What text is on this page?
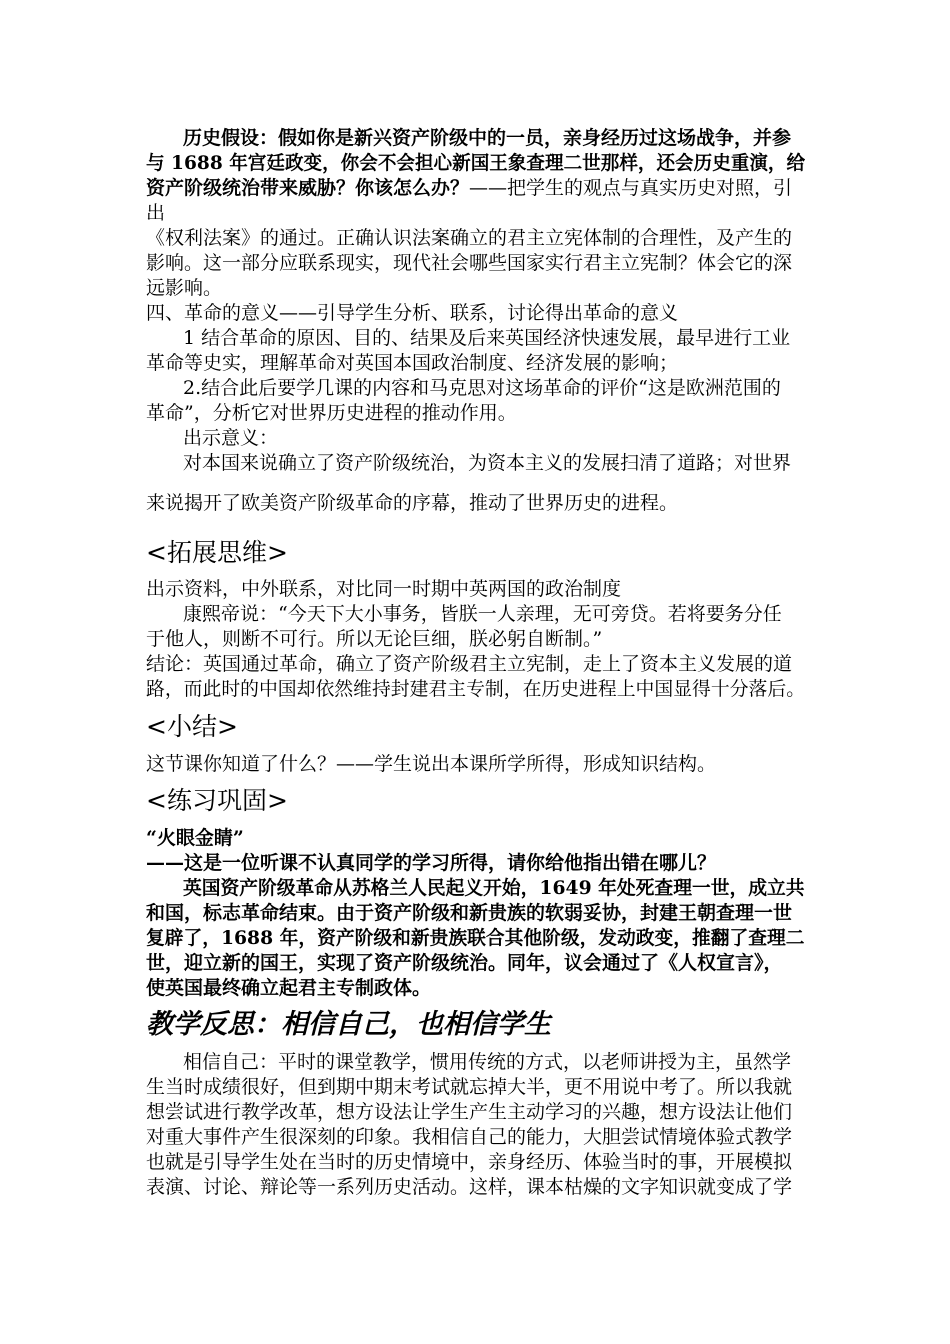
历史假设：假如你是新兴资产阶级中的一员，亲身经历过这场战争，并参
与 1688 年宫廷政变，你会不会担心新国王象查理二世那样，还会历史重演，给
资产阶级统治带来威胁？你该怎么办？——把学生的观点与真实历史对照，引
出
《权利法案》的通过。正确认识法案确立的君主立宪体制的合理性，及产生的
影响。这一部分应联系现实，现代社会哪些国家实行君主立宪制？体会它的深
远影响。
四、革命的意义——引导学生分析、联系，讨论得出革命的意义
1 结合革命的原因、目的、结果及后来英国经济快速发展，最早进行工业
革命等史实，理解革命对英国本国政治制度、经济发展的影响；
2.结合此后要学几课的内容和马克思对这场革命的评价“这是欧洲范围的
革命”，分析它对世界历史进程的推动作用。
出示意义：
对本国来说确立了资产阶级统治，为资本主义的发展扫清了道路；对世界
来说揭开了欧美资产阶级革命的序幕，推动了世界历史的进程。
<拓展思维>
出示资料，中外联系，对比同一时期中英两国的政治制度
康熙帝说：“今天下大小事务，皆朕一人亲理，无可旁贷。若将要务分任
于他人，则断不可行。所以无论巨细，朕必躬自断制。”
结论：英国通过革命，确立了资产阶级君主立宪制，走上了资本主义发展的道
路，而此时的中国却依然维持封建君主专制，在历史进程上中国显得十分落后。
<小结>
这节课你知道了什么？——学生说出本课所学所得，形成知识结构。
<练习巩固>
“火眼金睛”
——这是一位听课不认真同学的学习所得，请你给他指出错在哪儿？
英国资产阶级革命从苏格兰人民起义开始，1649 年处死查理一世，成立共
和国，标志革命结束。由于资产阶级和新贵族的软弱妥协，封建王朝查理一世
复辟了，1688 年，资产阶级和新贵族联合其他阶级，发动政变，推翻了查理二
世，迎立新的国王，实现了资产阶级统治。同年，议会通过了《人权宣言》，
使英国最终确立起君主专制政体。
教学反思：相信自己，也相信学生
相信自己：平时的课堂教学，惯用传统的方式，以老师讲授为主，虽然学
生当时成绩很好，但到期中期末考试就忘掉大半，更不用说中考了。所以我就
想尝试进行教学改革，想方设法让学生产生主动学习的兴趣，想方设法让他们
对重大事件产生很深刻的印象。我相信自己的能力，大胆尝试情境体验式教学
也就是引导学生处在当时的历史情境中，亲身经历、体验当时的事，开展模拟
表演、讨论、辩论等一系列历史活动。这样，课本枯燥的文字知识就变成了学
